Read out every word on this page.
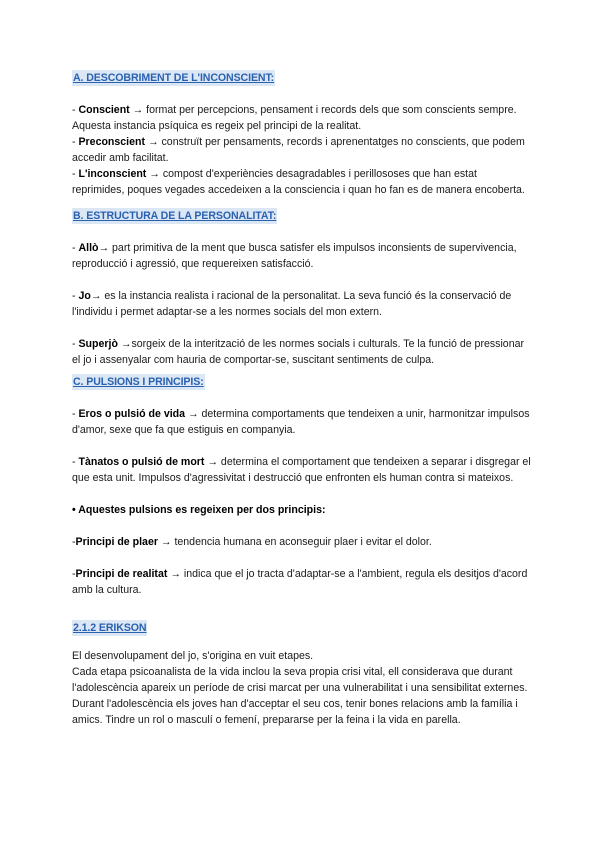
A. DESCOBRIMENT DE L'INCONSCIENT:

- Conscient → format per percepcions, pensament i records dels que som conscients sempre. Aquesta instancia psíquica es regeix pel principi de la realitat.

- Preconscient → construït per pensaments, records i aprenentatges no conscients, que podem accedir amb facilitat.

- L'inconscient → compost d'experiències desagradables i perillososes que han estat reprimides, poques vegades accedeixen a la consciencia i quan ho fan es de manera encoberta.

B. ESTRUCTURA DE LA PERSONALITAT:

- Allò→ part primitiva de la ment que busca satisfer els impulsos inconsients de supervivencia, reproducció i agressió, que requereixen satisfacció.

- Jo→ es la instancia realista i racional de la personalitat. La seva funció és la conservació de l'individu i permet adaptar-se a les normes socials del mon extern.

- Superjò →sorgeix de la interització de les normes socials i culturals. Te la funció de pressionar el jo i assenyalar com hauria de comportar-se, suscitant sentiments de culpa.

C. PULSIONS I PRINCIPIS:

- Eros o pulsió de vida → determina comportaments que tendeixen a unir, harmonitzar impulsos d'amor, sexe que fa que estiguis en companyia.

- Tànatos o pulsió de mort → determina el comportament que tendeixen a separar i disgregar el que esta unit. Impulsos d'agressivitat i destrucció que enfronten els human contra si mateixos.

• Aquestes pulsions es regeixen per dos principis:

-Principi de plaer → tendencia humana en aconseguir plaer i evitar el dolor.

-Principi de realitat → indica que el jo tracta d'adaptar-se a l'ambient, regula els desitjos d'acord amb la cultura.

2.1.2 ERIKSON

El desenvolupament del jo, s'origina en vuit etapes.

Cada etapa psicoanalista de la vida inclou la seva propia crisi vital, ell considerava que durant l'adolescència apareix un període de crisi marcat per una vulnerabilitat i una sensibilitat externes. Durant l'adolescència els joves han d'acceptar el seu cos, tenir bones relacions amb la família i amics. Tindre un rol o masculí o femení, prepararse per la feina i la vida en parella.
